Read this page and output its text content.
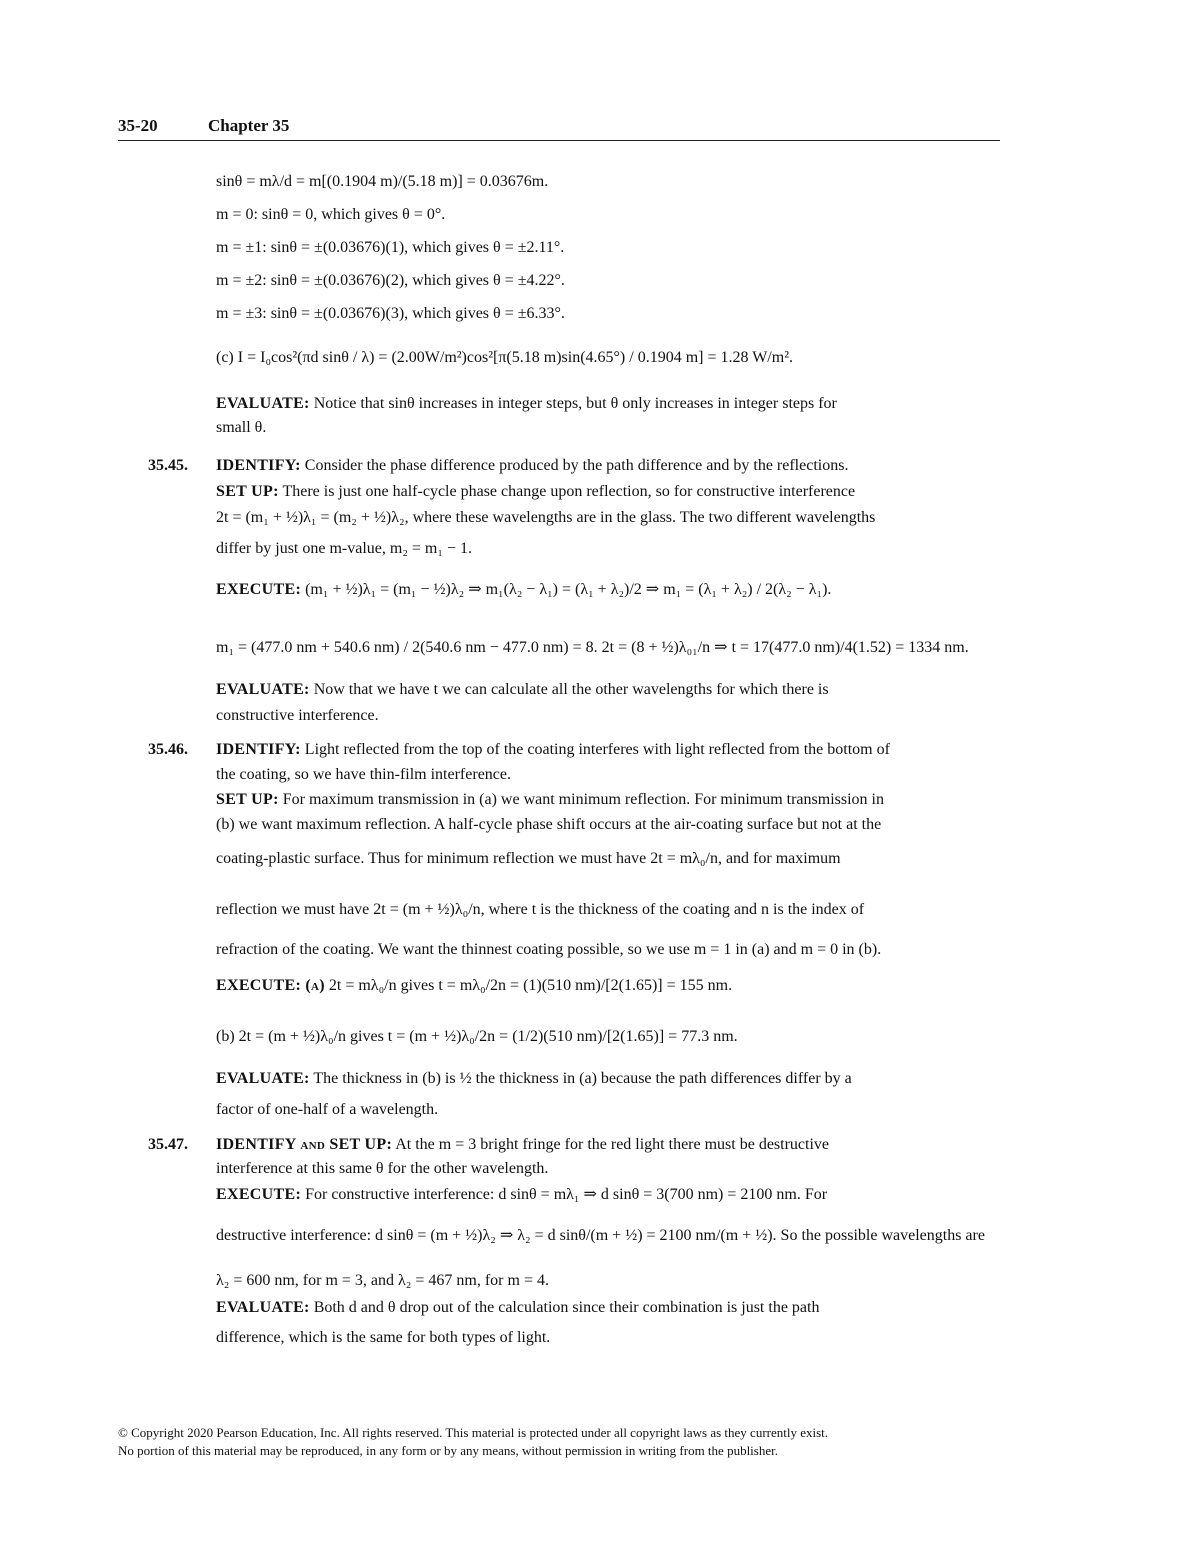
35-20	Chapter 35
sinθ = mλ/d = m[(0.1904 m)/(5.18 m)] = 0.03676m.
m = 0: sinθ = 0, which gives θ = 0°.
m = ±1: sinθ = ±(0.03676)(1), which gives θ = ±2.11°.
m = ±2: sinθ = ±(0.03676)(2), which gives θ = ±4.22°.
m = ±3: sinθ = ±(0.03676)(3), which gives θ = ±6.33°.
(c) I = I₀cos²(πd sinθ / λ) = (2.00W/m²)cos²[π(5.18 m)sin(4.65°) / 0.1904 m] = 1.28 W/m².
EVALUATE: Notice that sinθ increases in integer steps, but θ only increases in integer steps for
small θ.
35.45. IDENTIFY: Consider the phase difference produced by the path difference and by the reflections.
SET UP: There is just one half-cycle phase change upon reflection, so for constructive interference
2t = (m₁ + ½)λ₁ = (m₂ + ½)λ₂, where these wavelengths are in the glass. The two different wavelengths
differ by just one m-value, m₂ = m₁ − 1.
EXECUTE: (m₁ + ½)λ₁ = (m₁ − ½)λ₂ ⇒ m₁(λ₂ − λ₁) = (λ₁ + λ₂)/2 ⇒ m₁ = (λ₁ + λ₂) / 2(λ₂ − λ₁).
m₁ = (477.0 nm + 540.6 nm) / 2(540.6 nm − 477.0 nm) = 8. 2t = (8 + ½)λ₀₁/n ⇒ t = 17(477.0 nm)/4(1.52) = 1334 nm.
EVALUATE: Now that we have t we can calculate all the other wavelengths for which there is
constructive interference.
35.46. IDENTIFY: Light reflected from the top of the coating interferes with light reflected from the bottom of
the coating, so we have thin-film interference.
SET UP: For maximum transmission in (a) we want minimum reflection. For minimum transmission in
(b) we want maximum reflection. A half-cycle phase shift occurs at the air-coating surface but not at the
coating-plastic surface. Thus for minimum reflection we must have 2t = mλ₀/n, and for maximum
reflection we must have 2t = (m + ½)λ₀/n, where t is the thickness of the coating and n is the index of
refraction of the coating. We want the thinnest coating possible, so we use m = 1 in (a) and m = 0 in (b).
EXECUTE: (a) 2t = mλ₀/n gives t = mλ₀/2n = (1)(510 nm)/[2(1.65)] = 155 nm.
(b) 2t = (m + ½)λ₀/n gives t = (m + ½)λ₀/2n = (1/2)(510 nm)/[2(1.65)] = 77.3 nm.
EVALUATE: The thickness in (b) is ½ the thickness in (a) because the path differences differ by a
factor of one-half of a wavelength.
35.47. IDENTIFY and SET UP: At the m = 3 bright fringe for the red light there must be destructive
interference at this same θ for the other wavelength.
EXECUTE: For constructive interference: d sinθ = mλ₁ ⇒ d sinθ = 3(700 nm) = 2100 nm. For
destructive interference: d sinθ = (m + ½)λ₂ ⇒ λ₂ = d sinθ/(m + ½) = 2100 nm/(m + ½). So the possible wavelengths are
λ₂ = 600 nm, for m = 3, and λ₂ = 467 nm, for m = 4.
EVALUATE: Both d and θ drop out of the calculation since their combination is just the path
difference, which is the same for both types of light.
© Copyright 2020 Pearson Education, Inc. All rights reserved. This material is protected under all copyright laws as they currently exist.
No portion of this material may be reproduced, in any form or by any means, without permission in writing from the publisher.
